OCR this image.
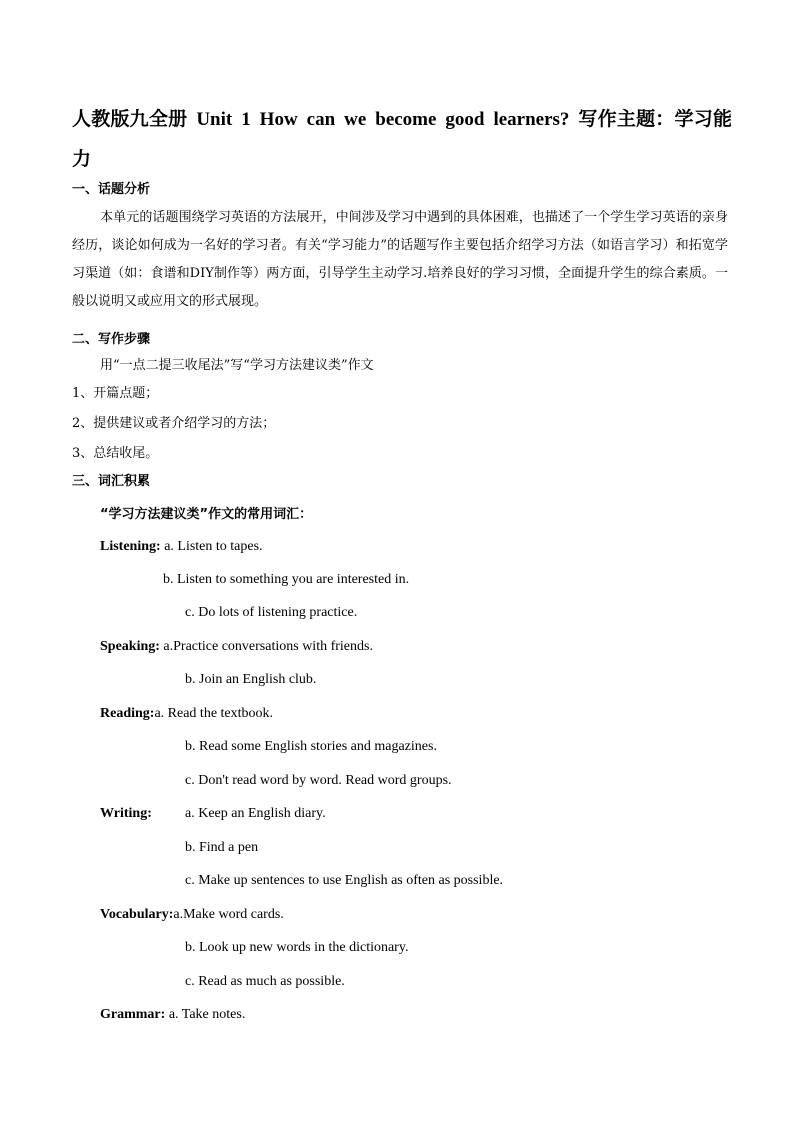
人教版九全册 Unit 1 How can we become good learners? 写作主题：学习能
力
一、话题分析
本单元的话题围绕学习英语的方法展开，中间涉及学习中遇到的具体困难，也描述了一个学生学习英语的亲身经历，谈论如何成为一名好的学习者。有关“学习能力”的话题写作主要包括介绍学习方法（如语言学习）和拓宽学习渠道（如：食谱和DIY制作等）两方面，引导学生主动学习.培养良好的学习习惯，全面提升学生的综合素质。一般以说明又或应用文的形式展现。
二、写作步骤
用“一点二提三收尾法”写“学习方法建议类”作文
1、开篇点题；
2、提供建议或者介绍学习的方法；
3、总结收尾。
三、词汇积累
“学习方法建议类”作文的常用词汇：
Listening: a. Listen to tapes.
b. Listen to something you are interested in.
c. Do lots of listening practice.
Speaking: a.Practice conversations with friends.
b. Join an English club.
Reading:a. Read the textbook.
b. Read some English stories and magazines.
c. Don't read word by word. Read word groups.
Writing: a. Keep an English diary.
b. Find a pen
c. Make up sentences to use English as often as possible.
Vocabulary:a.Make word cards.
b. Look up new words in the dictionary.
c. Read as much as possible.
Grammar: a. Take notes.
